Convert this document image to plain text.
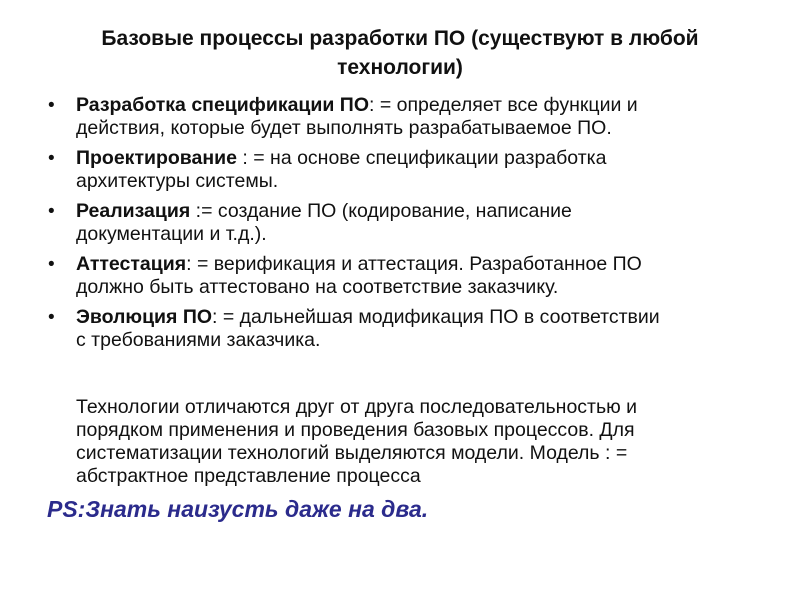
Базовые процессы разработки ПО (существуют в любой
технологии)
• Разработка спецификации ПО: = определяет все функции и
действия, которые будет выполнять разрабатываемое ПО.
• Проектирование : = на основе спецификации разработка
архитектуры системы.
• Реализация := создание ПО (кодирование, написание
документации и т.д.).
• Аттестация: = верификация и аттестация. Разработанное ПО
должно быть аттестовано на соответствие заказчику.
• Эволюция ПО: = дальнейшая модификация ПО в соответствии
с требованиями заказчика.
Технологии отличаются друг от друга последовательностью и
порядком применения и проведения базовых процессов. Для
систематизации технологий выделяются модели. Модель : =
абстрактное представление процесса
PS:Знать наизусть даже на два.
